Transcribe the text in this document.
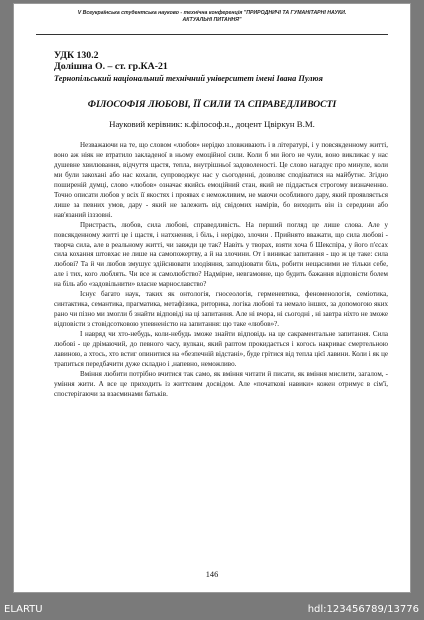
V Всеукраїнська студентська науково - технічна конференція "ПРИРОДНИЧІ ТА ГУМАНІТАРНІ НАУКИ.
АКТУАЛЬНІ ПИТАННЯ"
УДК 130.2
Долішна О. – ст. гр.КА-21
Тернопільський національний технічний університет імені Івана Пулюя
ФІЛОСОФІЯ ЛЮБОВІ, ЇЇ СИЛИ ТА СПРАВЕДЛИВОСТІ
Науковий керівник: к.філософ.н., доцент Цвіркун В.М.

Незважаючи на те, що словом «любов» нерідко зловживають і в літературі, і у повсякденному житті, воно аж ніяк не втратило закладеної в ньому емоційної сили. Коли б ми його не чули, воно викликає у нас душевне хвилювання, відчуття щастя, тепла, внутрішньої задоволеності. Це слово нагадує про минуле, коли ми були закохані або нас кохали, супроводжує нас у сьогоденні, дозволяє сподіватися на майбутнє. Згідно поширеній думці, слово «любов» означає якийсь емоційний стан, який не піддається строгому визначенню. Точно описати любов у всіх її якостях і проявах є неможливим, не маючи особливого дару, який проявляється лише за певних умов, дару - який не залежить від свідомих намірів, бо виходить він із середини або нав'язаний ізззовні.

Пристрасть, любов, сила любові, справедливість. На перший погляд це лише слова. Але у повсякденному житті це і щастя, і натхнення, і біль, і нерідко, злочин . Прийнято вважати, що сила любові - творча сила, але в реальному житті, чи завжди це так? Навіть у творах, взяти хоча б Шекспіра, у його п'єсах сила кохання штовхає не лише на самопожертву, а й на злочини. От і виникає запитання - що ж це таке: сила любові? Та й чи любов змушує здійснювати злодіяння, заподіювати біль, робити нещасними не тільки себе, але і тих, кого люблять. Чи все ж самолюбство? Надмірне, невгамовне, що будить бажання відповісти болем на біль або «задовільнити» власне марнославство?

Існує багато наук, таких як онтологія, гносеологія, герменевтика, феноменологія, семіотика, синтактика, семантика, прагматика, метафізика, риторика, логіка любові та немало інших, за допомогою яких рано чи пізно ми змогли б знайти відповіді на ці запитання. Але ні вчора, ні сьогодні , ні завтра ніхто не зможе відповісти з стовідсотковою упевненістю на запитання: що таке «любов»?.

І навряд чи хто-небудь, коли-небудь зможе знайти відповідь на це сакраментальне запитання. Сила любові - це дрімаючий, до певного часу, вулкан, який раптом прокидається і когось накриває смертельною лавиною, а хтось, хто встиг опинитися на «безпечній відстані», буде грітися від тепла цієї лавини. Коли і як це трапиться передбачити дуже складно і ,напевно, неможливо.

Вміння любити потрібно вчитися так само, як вміння читати й писати, як вміння мислити, загалом, - уміння жити. А все це приходить із життєвим досвідом. Але «початкові навики» кожен отримує в сім'ї, спостерігаючи за взаєминами батьків.

146
ELARTU	hdl:123456789/13776
